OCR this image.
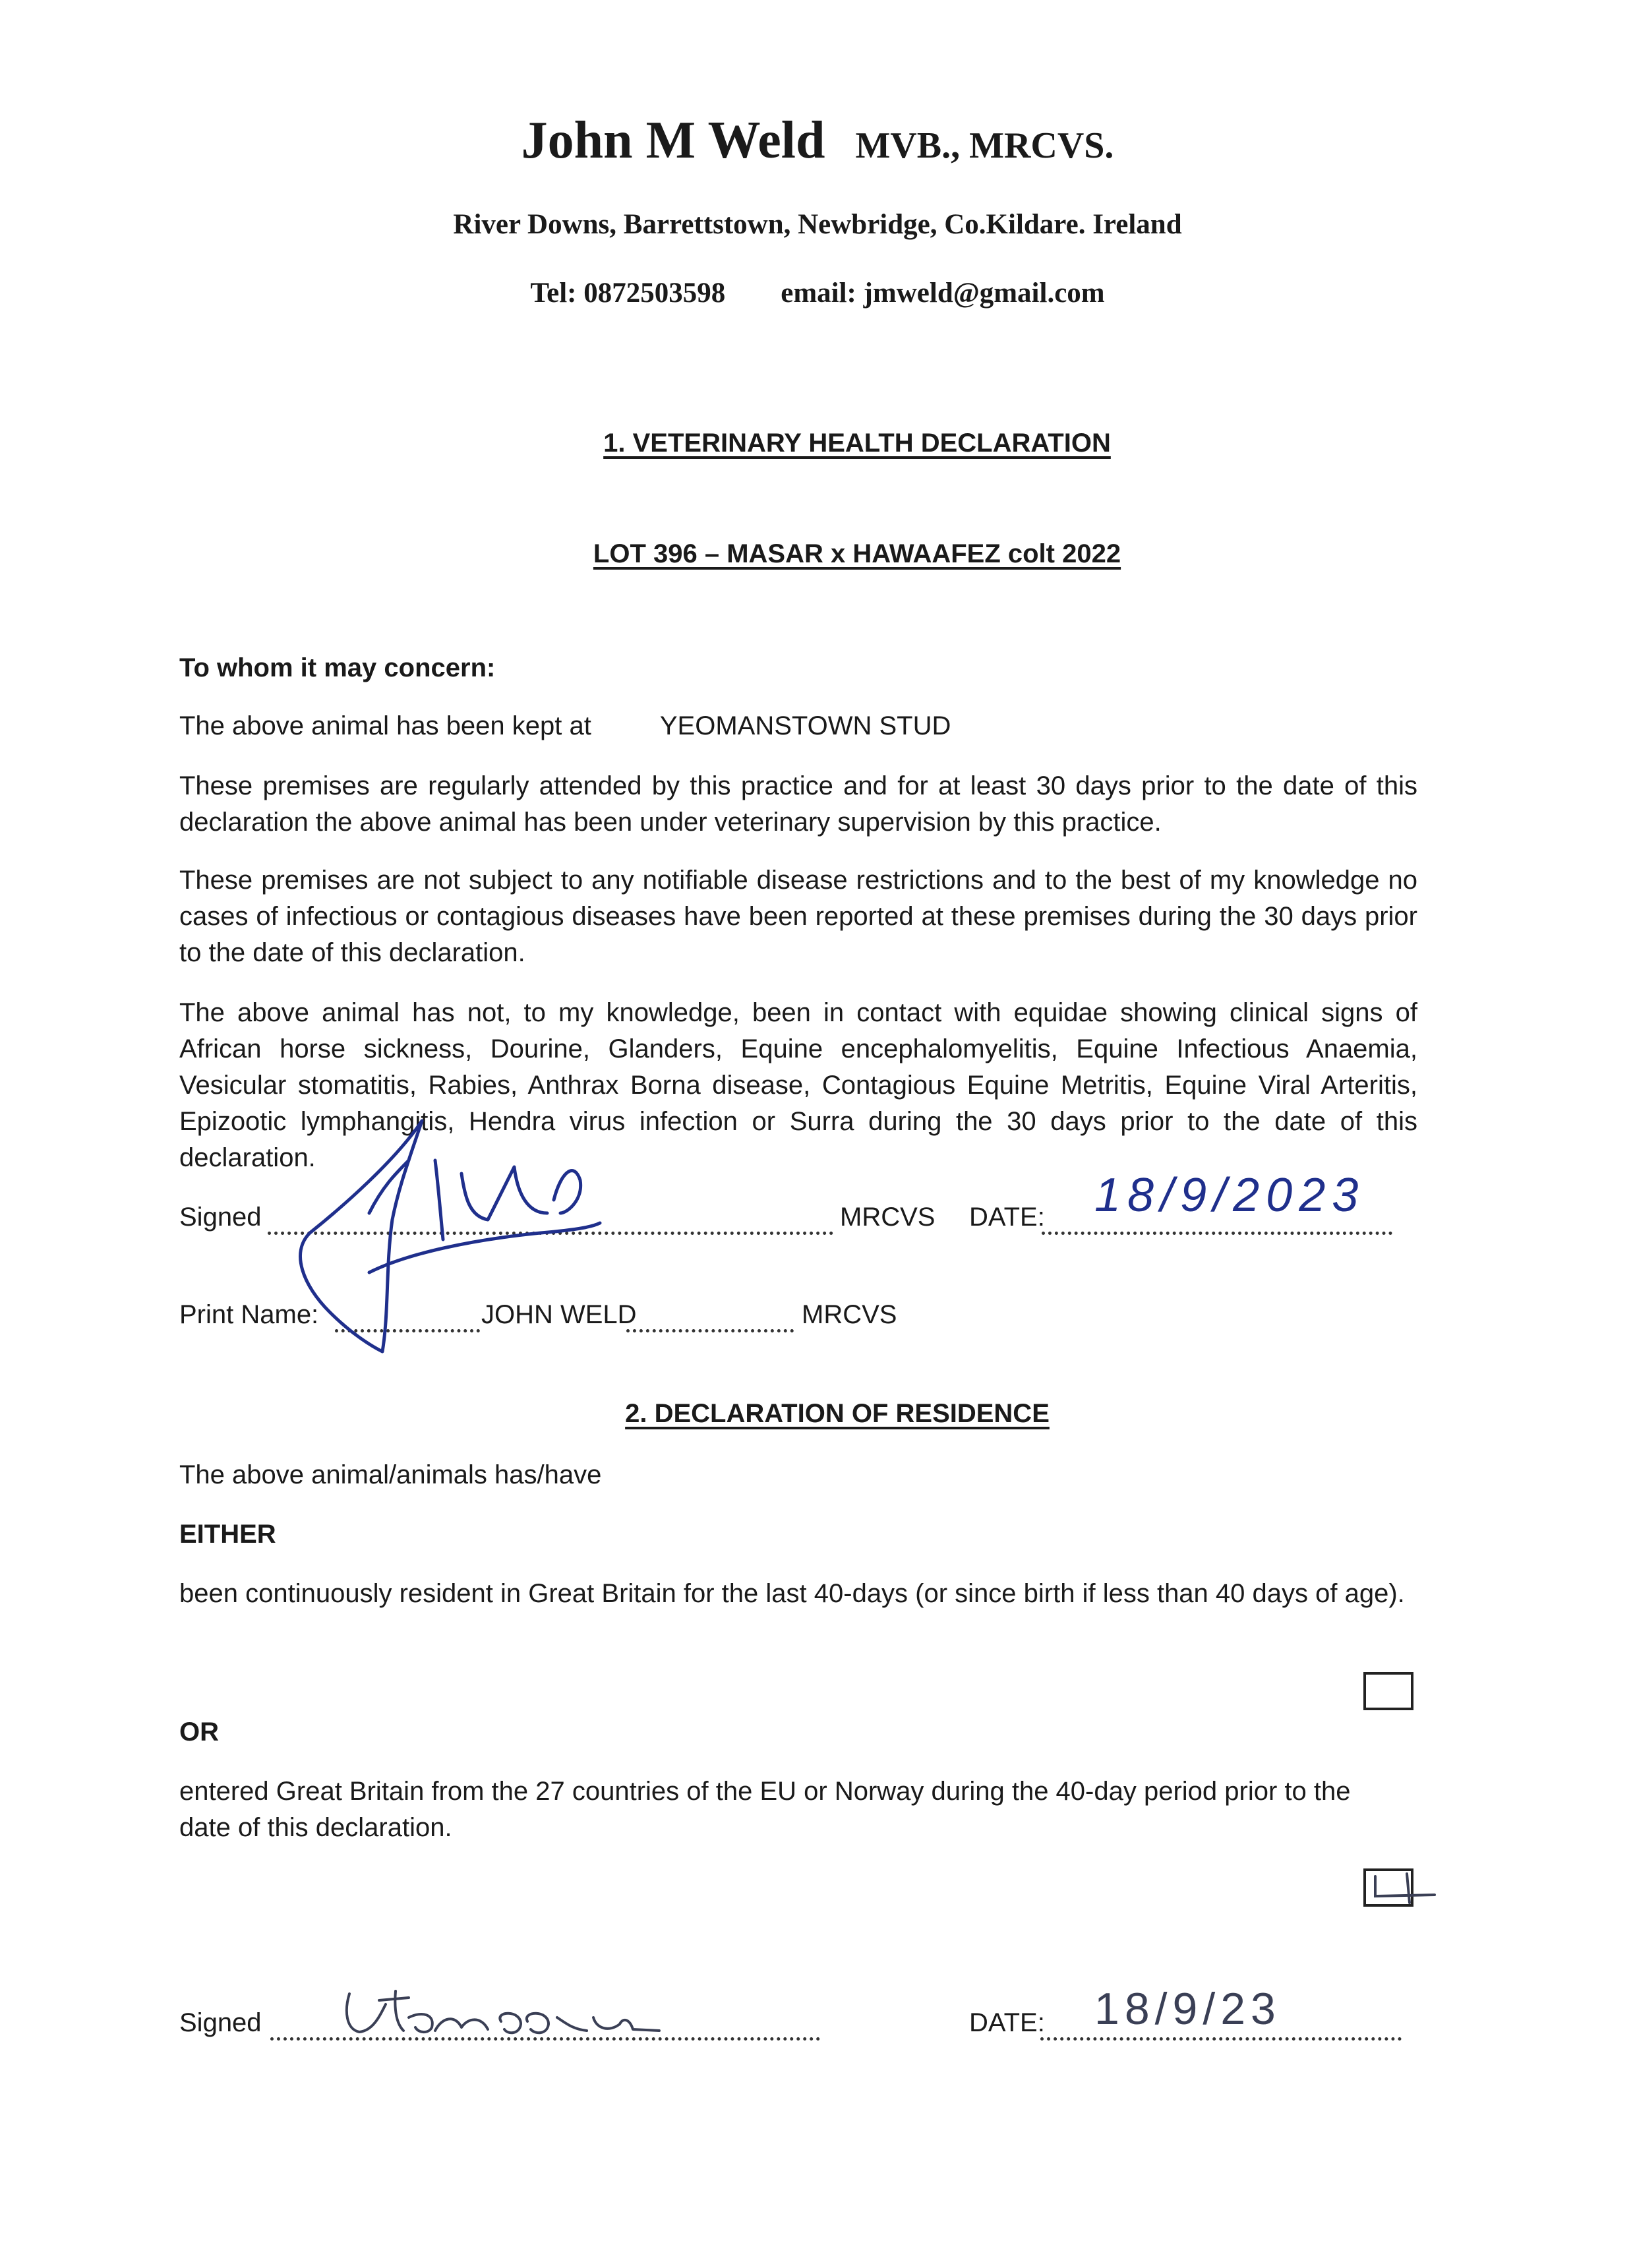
John M Weld MVB., MRCVS.
River Downs, Barrettstown, Newbridge, Co.Kildare. Ireland
Tel: 0872503598 email: jmweld@gmail.com
1. VETERINARY HEALTH DECLARATION
LOT 396 – MASAR x HAWAAFEZ colt 2022
To whom it may concern:
The above animal has been kept at	YEOMANSTOWN STUD
These premises are regularly attended by this practice and for at least 30 days prior to the date of this declaration the above animal has been under veterinary supervision by this practice.
These premises are not subject to any notifiable disease restrictions and to the best of my knowledge no cases of infectious or contagious diseases have been reported at these premises during the 30 days prior to the date of this declaration.
The above animal has not, to my knowledge, been in contact with equidae showing clinical signs of African horse sickness, Dourine, Glanders, Equine encephalomyelitis, Equine Infectious Anaemia, Vesicular stomatitis, Rabies, Anthrax Borna disease, Contagious Equine Metritis, Equine Viral Arteritis, Epizootic lymphangitis, Hendra virus infection or Surra during the 30 days prior to the date of this declaration.
Signed	MRCVS DATE: 18/9/2023
Print Name:	JOHN WELD	MRCVS
2. DECLARATION OF RESIDENCE
The above animal/animals has/have
EITHER
been continuously resident in Great Britain for the last 40-days (or since birth if less than 40 days of age).
OR
entered Great Britain from the 27 countries of the EU or Norway during the 40-day period prior to the date of this declaration.
Signed	DATE: 18/9/23
